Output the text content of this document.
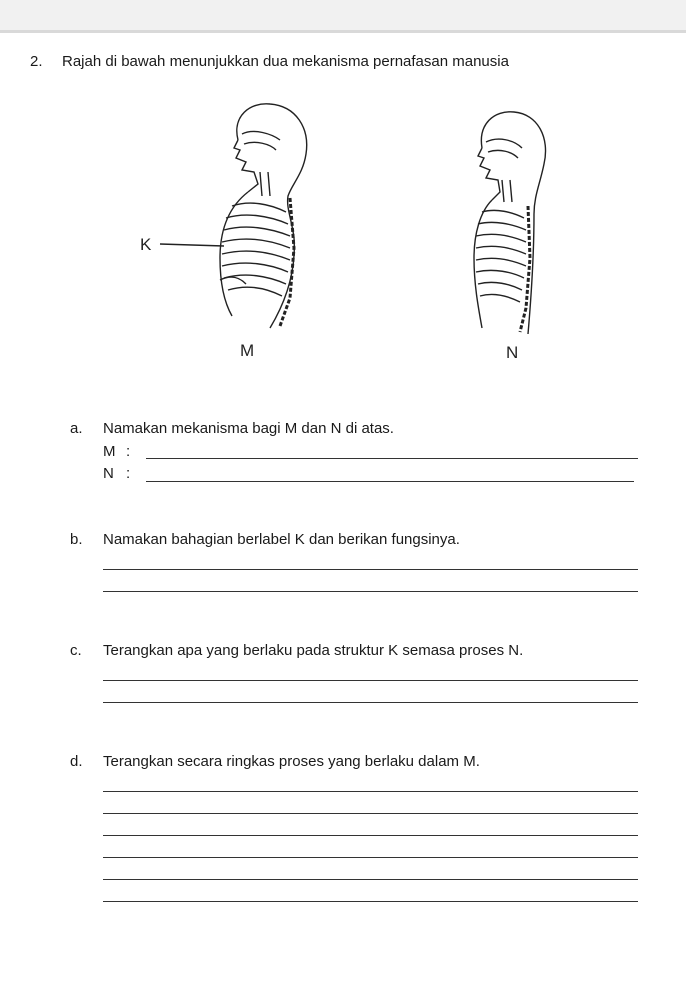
2. Rajah di bawah menunjukkan dua mekanisma pernafasan manusia
K
M	N
a. Namakan mekanisma bagi M dan N di atas.
M :
N :
b. Namakan bahagian berlabel K dan berikan fungsinya.
c. Terangkan apa yang berlaku pada struktur K semasa proses N.
d. Terangkan secara ringkas proses yang berlaku dalam M.
